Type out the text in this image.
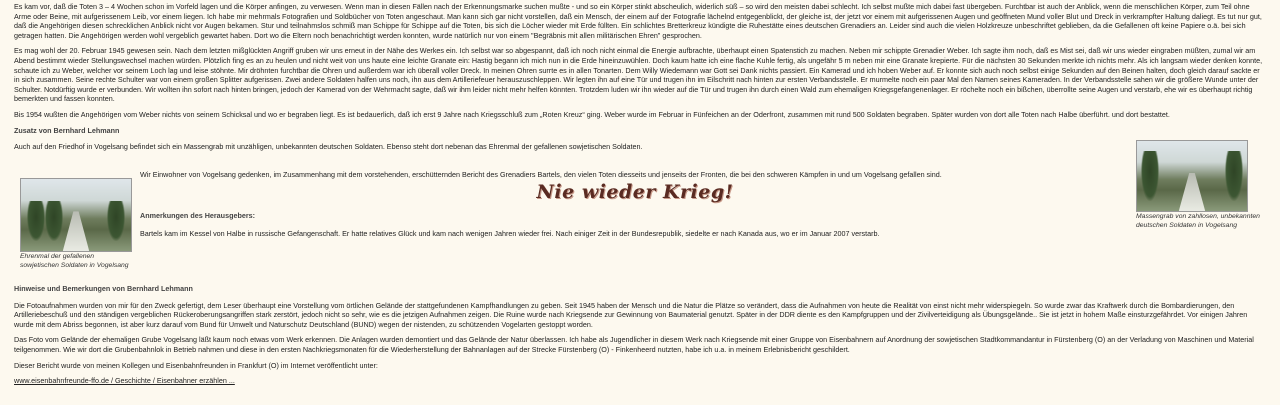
Es kam vor, daß die Toten 3 – 4 Wochen schon im Vorfeld lagen und die Körper anfingen, zu verwesen. Wenn man in diesen Fällen nach der Erkennungsmarke suchen mußte - und so ein Körper stinkt abscheulich, widerlich süß – so wird den meisten dabei schlecht. Ich selbst mußte mich dabei fast übergeben. Furchtbar ist auch der Anblick, wenn die menschlichen Körper, zum Teil ohne Arme oder Beine, mit aufgerissenem Leib, vor einem liegen. Ich habe mir mehrmals Fotografien und Soldbücher von Toten angeschaut. Man kann sich gar nicht vorstellen, daß ein Mensch, der einem auf der Fotografie lächelnd entgegenblickt, der gleiche ist, der jetzt vor einem mit aufgerissenen Augen und geöffneten Mund voller Blut und Dreck in verkrampfter Haltung daliegt. Es tut nur gut, daß die Angehörigen diesen schrecklichen Anblick nicht vor Augen bekamen. Stur und teilnahmslos schmiß man Schippe für Schippe auf die Toten, bis sich die Löcher wieder mit Erde füllten. Ein schlichtes Bretterkreuz kündigte die Ruhestätte eines deutschen Grenadiers an. Leider sind auch die vielen Holzkreuze unbeschriftet geblieben, da die Gefallenen oft keine Papiere o.ä. bei sich getragen hatten. Die Angehörigen werden wohl vergeblich gewartet haben. Dort wo die Eltern noch benachrichtigt werden konnten, wurde natürlich nur von einem "Begräbnis mit allen militärischen Ehren" gesprochen.

Es mag wohl der 20. Februar 1945 gewesen sein. Nach dem letzten mißglückten Angriff gruben wir uns erneut in der Nähe des Werkes ein. Ich selbst war so abgespannt, daß ich noch nicht einmal die Energie aufbrachte, überhaupt einen Spatenstich zu machen. Neben mir schippte Grenadier Weber. Ich sagte ihm noch, daß es Mist sei, daß wir uns wieder eingraben müßten, zumal wir am Abend bestimmt wieder Stellungswechsel machen würden. Plötzlich fing es an zu heulen und nicht weit von uns haute eine leichte Granate ein: Hastig begann ich mich nun in die Erde hineinzuwühlen. Doch kaum hatte ich eine flache Kuhle fertig, als ungefähr 5 m neben mir eine Granate krepierte. Für die nächsten 30 Sekunden merkte ich nichts mehr. Als ich langsam wieder denken konnte, schaute ich zu Weber, welcher vor seinem Loch lag und leise stöhnte. Mir dröhnten furchtbar die Ohren und außerdem war ich überall voller Dreck. In meinen Ohren surrte es in allen Tonarten. Dem Willy Wiedemann war Gott sei Dank nichts passiert. Ein Kamerad und ich hoben Weber auf. Er konnte sich auch noch selbst einige Sekunden auf den Beinen halten, doch gleich darauf sackte er in sich zusammen. Seine rechte Schulter war von einem großen Splitter aufgerissen. Zwei andere Soldaten halfen uns noch, ihn aus dem Artilleriefeuer herauszuschleppen. Wir legten ihn auf eine Tür und trugen ihn im Eilschritt nach hinten zur ersten Verbandsstelle. Er murmelte noch ein paar Mal den Namen seines Kameraden. In der Verbandsstelle sahen wir die größere Wunde unter der Schulter. Notdürftig wurde er verbunden. Wir wollten ihn sofort nach hinten bringen, jedoch der Kamerad von der Wehrmacht sagte, daß wir ihm leider nicht mehr helfen könnten. Trotzdem luden wir ihn wieder auf die Tür und trugen ihn durch einen Wald zum ehemaligen Kriegsgefangenenlager. Er röchelte noch ein bißchen, überrollte seine Augen und verstarb, ehe wir es überhaupt richtig bemerkten und fassen konnten.

Bis 1954 wußten die Angehörigen vom Weber nichts von seinem Schicksal und wo er begraben liegt. Es ist bedauerlich, daß ich erst 9 Jahre nach Kriegsschluß zum „Roten Kreuz“ ging. Weber wurde im Februar in Fünfeichen an der Oderfront, zusammen mit rund 500 Soldaten begraben. Später wurden von dort alle Toten nach Halbe überführt. und dort bestattet.

Zusatz von Bernhard Lehmann

Auch auf den Friedhof in Vogelsang befindet sich ein Massengrab mit unzähligen, unbekannten deutschen Soldaten. Ebenso steht dort nebenan das Ehrenmal der gefallenen sowjetischen Soldaten.

Ehrenmal der gefallenen sowjetischen Soldaten in Vogelsang

Wir Einwohner von Vogelsang gedenken, im Zusammenhang mit dem vorstehenden, erschütternden Bericht des Grenadiers Bartels, den vielen Toten diesseits und jenseits der Fronten, die bei den schweren Kämpfen in und um Vogelsang gefallen sind.

Nie wieder Krieg!

Anmerkungen des Herausgebers:

Bartels kam im Kessel von Halbe in russische Gefangenschaft. Er hatte relatives Glück und kam nach wenigen Jahren wieder frei. Nach einiger Zeit in der Bundesrepublik, siedelte er nach Kanada aus, wo er im Januar 2007 verstarb.

Massengrab von zahllosen, unbekannten deutschen Soldaten in Vogelsang

Hinweise und Bemerkungen von Bernhard Lehmann

Die Fotoaufnahmen wurden von mir für den Zweck gefertigt, dem Leser überhaupt eine Vorstellung vom örtlichen Gelände der stattgefundenen Kampfhandlungen zu geben. Seit 1945 haben der Mensch und die Natur die Plätze so verändert, dass die Aufnahmen von heute die Realität von einst nicht mehr widerspiegeln. So wurde zwar das Kraftwerk durch die Bombardierungen, den Artilleriebeschuß und den ständigen vergeblichen Rückeroberungsangriffen stark zerstört, jedoch nicht so sehr, wie es die jetzigen Aufnahmen zeigen. Die Ruine wurde nach Kriegsende zur Gewinnung von Baumaterial genutzt. Später in der DDR diente es den Kampfgruppen und der Zivilverteidigung als Übungsgelände.. Sie ist jetzt in hohem Maße einsturzgefährdet. Vor einigen Jahren wurde mit dem Abriss begonnen, ist aber kurz darauf vom Bund für Umwelt und Naturschutz Deutschland (BUND) wegen der nistenden, zu schützenden Vogelarten gestoppt worden.

Das Foto vom Gelände der ehemaligen Grube Vogelsang läßt kaum noch etwas vom Werk erkennen. Die Anlagen wurden demontiert und das Gelände der Natur überlassen. Ich habe als Jugendlicher in diesem Werk nach Kriegsende mit einer Gruppe von Eisenbahnern auf Anordnung der sowjetischen Stadtkommandantur in Fürstenberg (O) an der Verladung von Maschinen und Material teilgenommen. Wie wir dort die Grubenbahnlok in Betrieb nahmen und diese in den ersten Nachkriegsmonaten für die Wiederherstellung der Bahnanlagen auf der Strecke Fürstenberg (O) - Finkenheerd nutzten, habe ich u.a. in meinem Erlebnisbericht geschildert.

Dieser Bericht wurde von meinen Kollegen und Eisenbahnfreunden in Frankfurt (O) im Internet veröffentlicht unter:

www.eisenbahnfreunde-ffo.de / Geschichte / Eisenbahner erzählen ...
